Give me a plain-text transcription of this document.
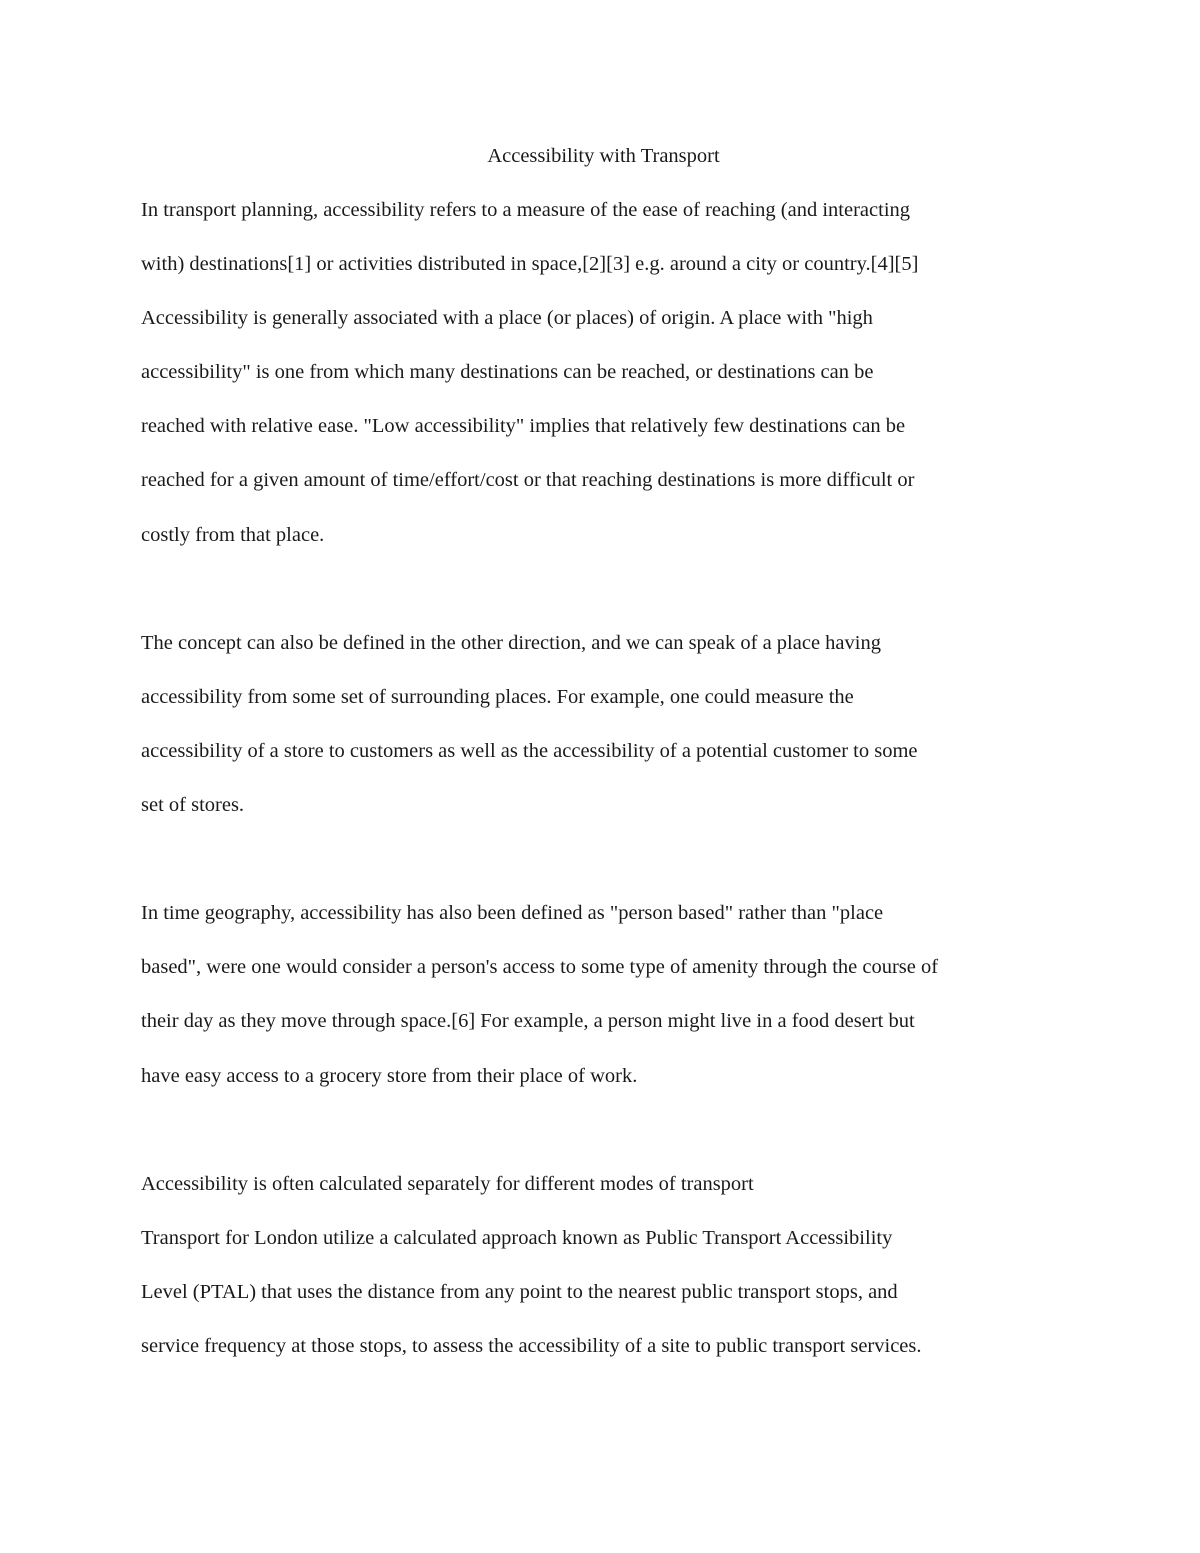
Accessibility with Transport
In transport planning, accessibility refers to a measure of the ease of reaching (and interacting
with) destinations[1] or activities distributed in space,[2][3] e.g. around a city or country.[4][5]
Accessibility is generally associated with a place (or places) of origin. A place with "high
accessibility" is one from which many destinations can be reached, or destinations can be
reached with relative ease. "Low accessibility" implies that relatively few destinations can be
reached for a given amount of time/effort/cost or that reaching destinations is more difficult or
costly from that place.
The concept can also be defined in the other direction, and we can speak of a place having
accessibility from some set of surrounding places. For example, one could measure the
accessibility of a store to customers as well as the accessibility of a potential customer to some
set of stores.
In time geography, accessibility has also been defined as "person based" rather than "place
based", were one would consider a person's access to some type of amenity through the course of
their day as they move through space.[6] For example, a person might live in a food desert but
have easy access to a grocery store from their place of work.
Accessibility is often calculated separately for different modes of transport
Transport for London utilize a calculated approach known as Public Transport Accessibility
Level (PTAL) that uses the distance from any point to the nearest public transport stops, and
service frequency at those stops, to assess the accessibility of a site to public transport services.
